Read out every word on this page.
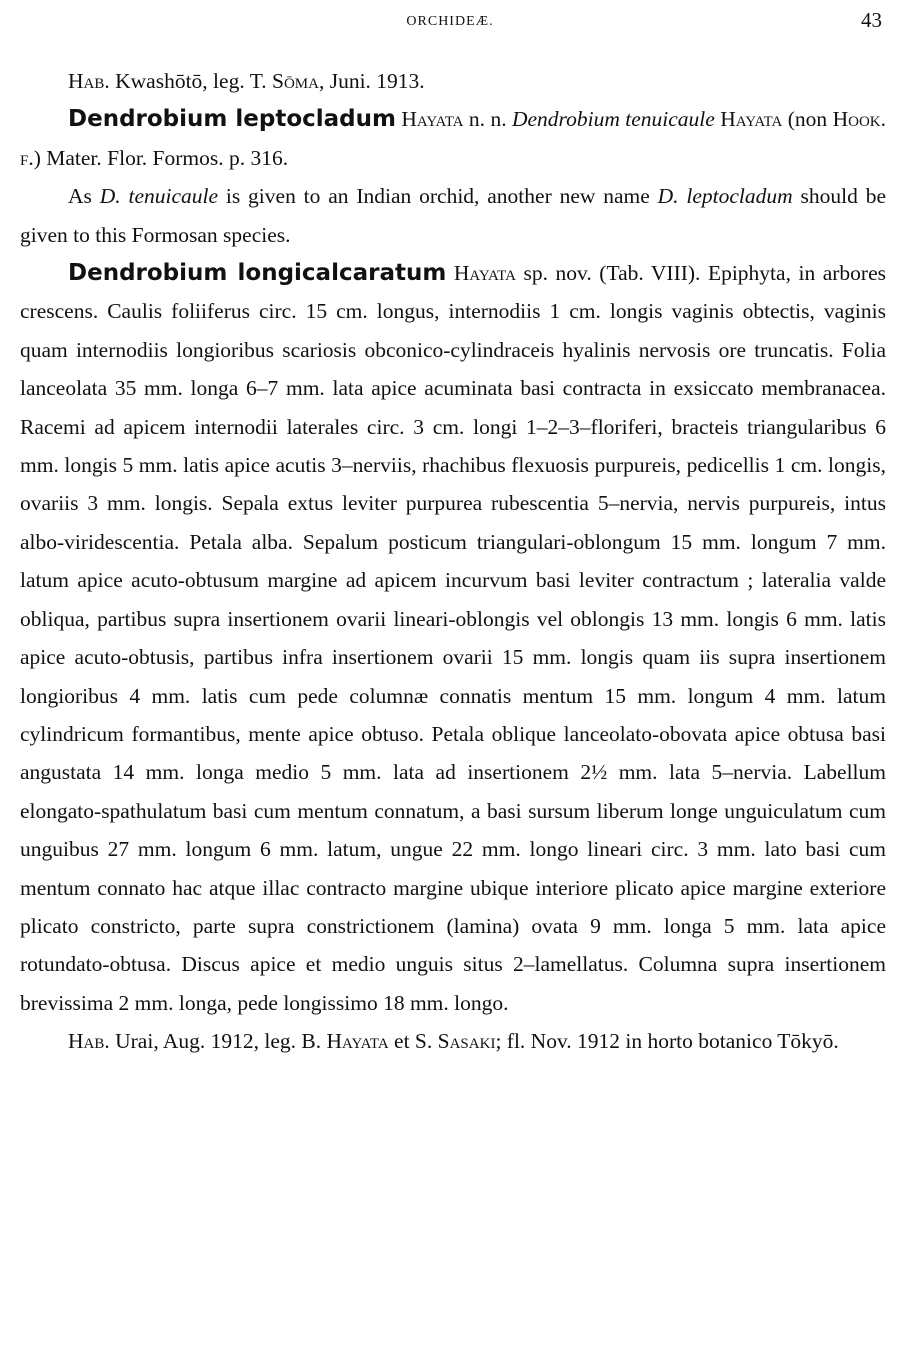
ORCHIDEÆ.	43

Hab. Kwashōtō, leg. T. Sōma, Juni. 1913.

Dendrobium leptocladum Hayata n. n. Dendrobium tenuicaule Hayata (non Hook. f.) Mater. Flor. Formos. p. 316.

As D. tenuicaule is given to an Indian orchid, another new name D. leptocladum should be given to this Formosan species.

Dendrobium longicalcaratum Hayata sp. nov. (Tab. VIII). Epiphyta, in arbores crescens. Caulis foliiferus circ. 15 cm. longus, internodiis 1 cm. longis vaginis obtectis, vaginis quam internodiis longioribus scariosis obconico-cylindraceis hyalinis nervosis ore truncatis. Folia lanceolata 35 mm. longa 6–7 mm. lata apice acuminata basi contracta in exsiccato membranacea. Racemi ad apicem internodii laterales circ. 3 cm. longi 1–2–3–floriferi, bracteis triangularibus 6 mm. longis 5 mm. latis apice acutis 3–nerviis, rhachibus flexuosis purpureis, pedicellis 1 cm. longis, ovariis 3 mm. longis. Sepala extus leviter purpurea rubescentia 5–nervia, nervis purpureis, intus albo-viridescentia. Petala alba. Sepalum posticum triangulari-oblongum 15 mm. longum 7 mm. latum apice acuto-obtusum margine ad apicem incurvum basi leviter contractum ; lateralia valde obliqua, partibus supra insertionem ovarii lineari-oblongis vel oblongis 13 mm. longis 6 mm. latis apice acuto-obtusis, partibus infra insertionem ovarii 15 mm. longis quam iis supra insertionem longioribus 4 mm. latis cum pede columnæ connatis mentum 15 mm. longum 4 mm. latum cylindricum formantibus, mente apice obtuso. Petala oblique lanceolato-obovata apice obtusa basi angustata 14 mm. longa medio 5 mm. lata ad insertionem 2½ mm. lata 5–nervia. Labellum elongato-spathulatum basi cum mentum connatum, a basi sursum liberum longe unguiculatum cum unguibus 27 mm. longum 6 mm. latum, ungue 22 mm. longo lineari circ. 3 mm. lato basi cum mentum connato hac atque illac contracto margine ubique interiore plicato apice margine exteriore plicato constricto, parte supra constrictionem (lamina) ovata 9 mm. longa 5 mm. lata apice rotundato-obtusa. Discus apice et medio unguis situs 2–lamellatus. Columna supra insertionem brevissima 2 mm. longa, pede longissimo 18 mm. longo.

Hab. Urai, Aug. 1912, leg. B. Hayata et S. Sasaki; fl. Nov. 1912 in horto botanico Tōkyō.
